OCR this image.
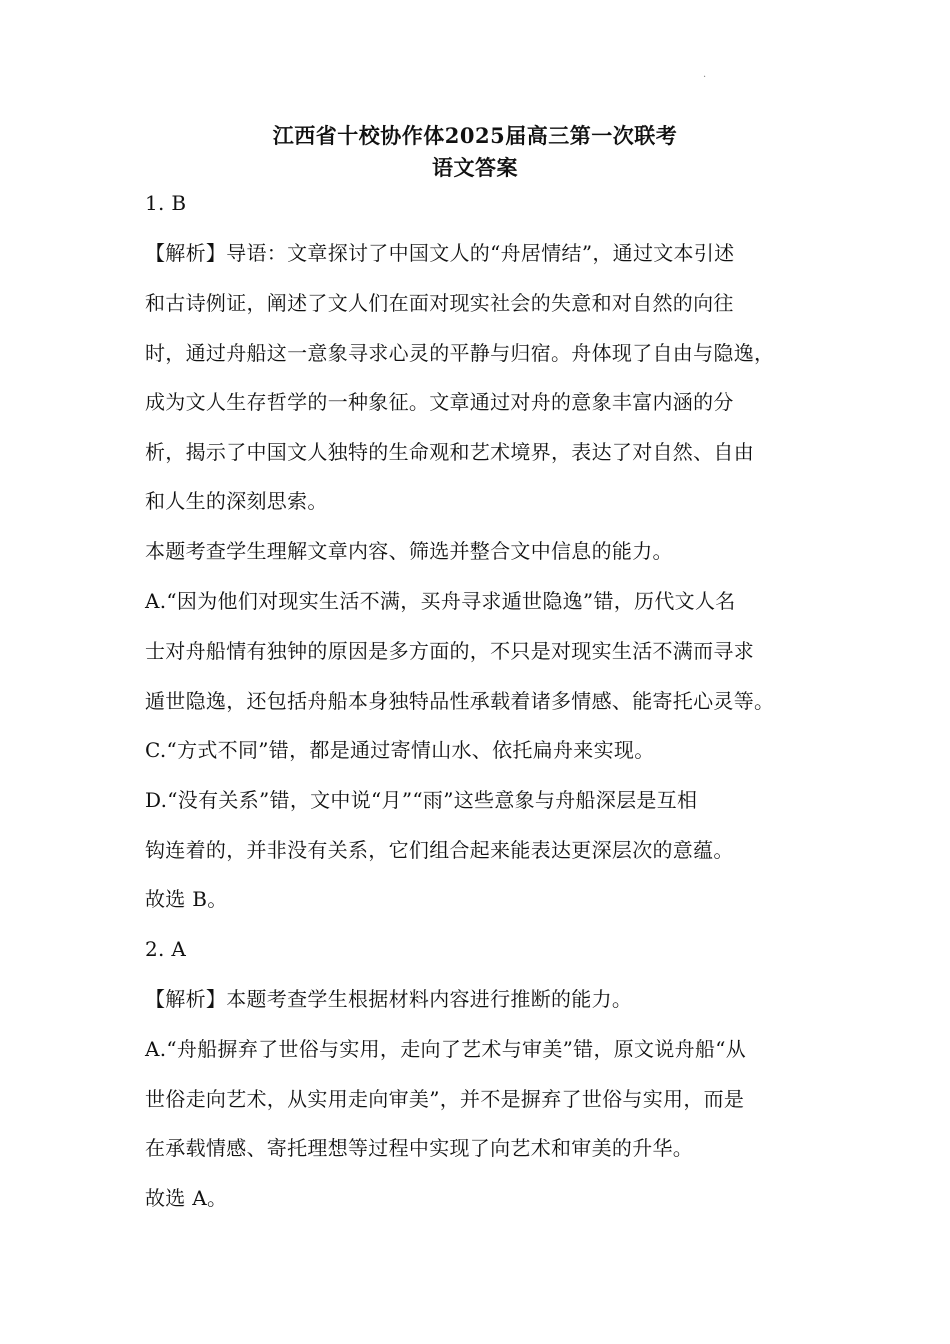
·
江西省十校协作体2025届高三第一次联考
语文答案
1. B
【解析】导语：文章探讨了中国文人的“舟居情结”，通过文本引述
和古诗例证，阐述了文人们在面对现实社会的失意和对自然的向往
时，通过舟船这一意象寻求心灵的平静与归宿。舟体现了自由与隐逸，
成为文人生存哲学的一种象征。文章通过对舟的意象丰富内涵的分
析，揭示了中国文人独特的生命观和艺术境界，表达了对自然、自由
和人生的深刻思索。
本题考查学生理解文章内容、筛选并整合文中信息的能力。
A.“因为他们对现实生活不满，买舟寻求遁世隐逸”错，历代文人名
士对舟船情有独钟的原因是多方面的，不只是对现实生活不满而寻求
遁世隐逸，还包括舟船本身独特品性承载着诸多情感、能寄托心灵等。
C.“方式不同”错，都是通过寄情山水、依托扁舟来实现。
D.“没有关系”错，文中说“月”“雨”这些意象与舟船深层是互相
钩连着的，并非没有关系，它们组合起来能表达更深层次的意蕴。
故选 B。
2. A
【解析】本题考查学生根据材料内容进行推断的能力。
A.“舟船摒弃了世俗与实用，走向了艺术与审美”错，原文说舟船“从
世俗走向艺术，从实用走向审美”，并不是摒弃了世俗与实用，而是
在承载情感、寄托理想等过程中实现了向艺术和审美的升华。
故选 A。
